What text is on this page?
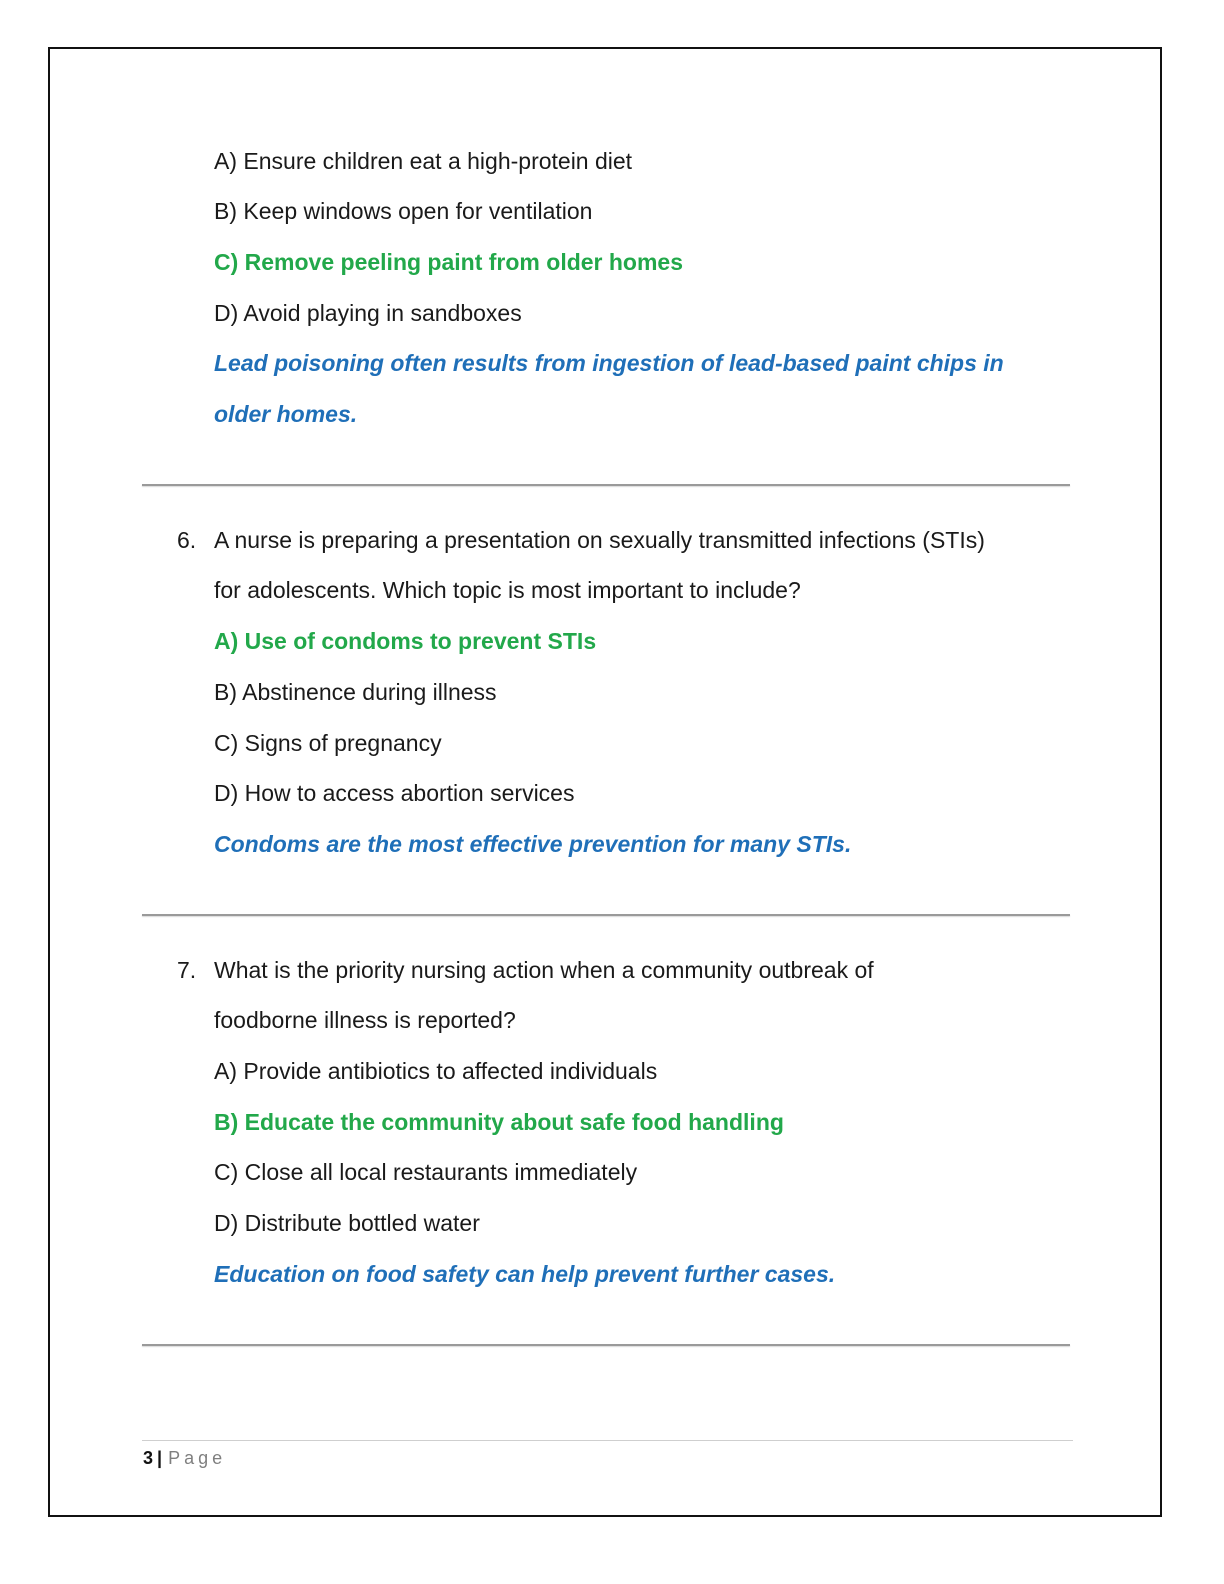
A) Ensure children eat a high-protein diet
B) Keep windows open for ventilation
C) Remove peeling paint from older homes
D) Avoid playing in sandboxes
Lead poisoning often results from ingestion of lead-based paint chips in
older homes.
6. A nurse is preparing a presentation on sexually transmitted infections (STIs)
for adolescents. Which topic is most important to include?
A) Use of condoms to prevent STIs
B) Abstinence during illness
C) Signs of pregnancy
D) How to access abortion services
Condoms are the most effective prevention for many STIs.
7. What is the priority nursing action when a community outbreak of
foodborne illness is reported?
A) Provide antibiotics to affected individuals
B) Educate the community about safe food handling
C) Close all local restaurants immediately
D) Distribute bottled water
Education on food safety can help prevent further cases.
3 | Page
